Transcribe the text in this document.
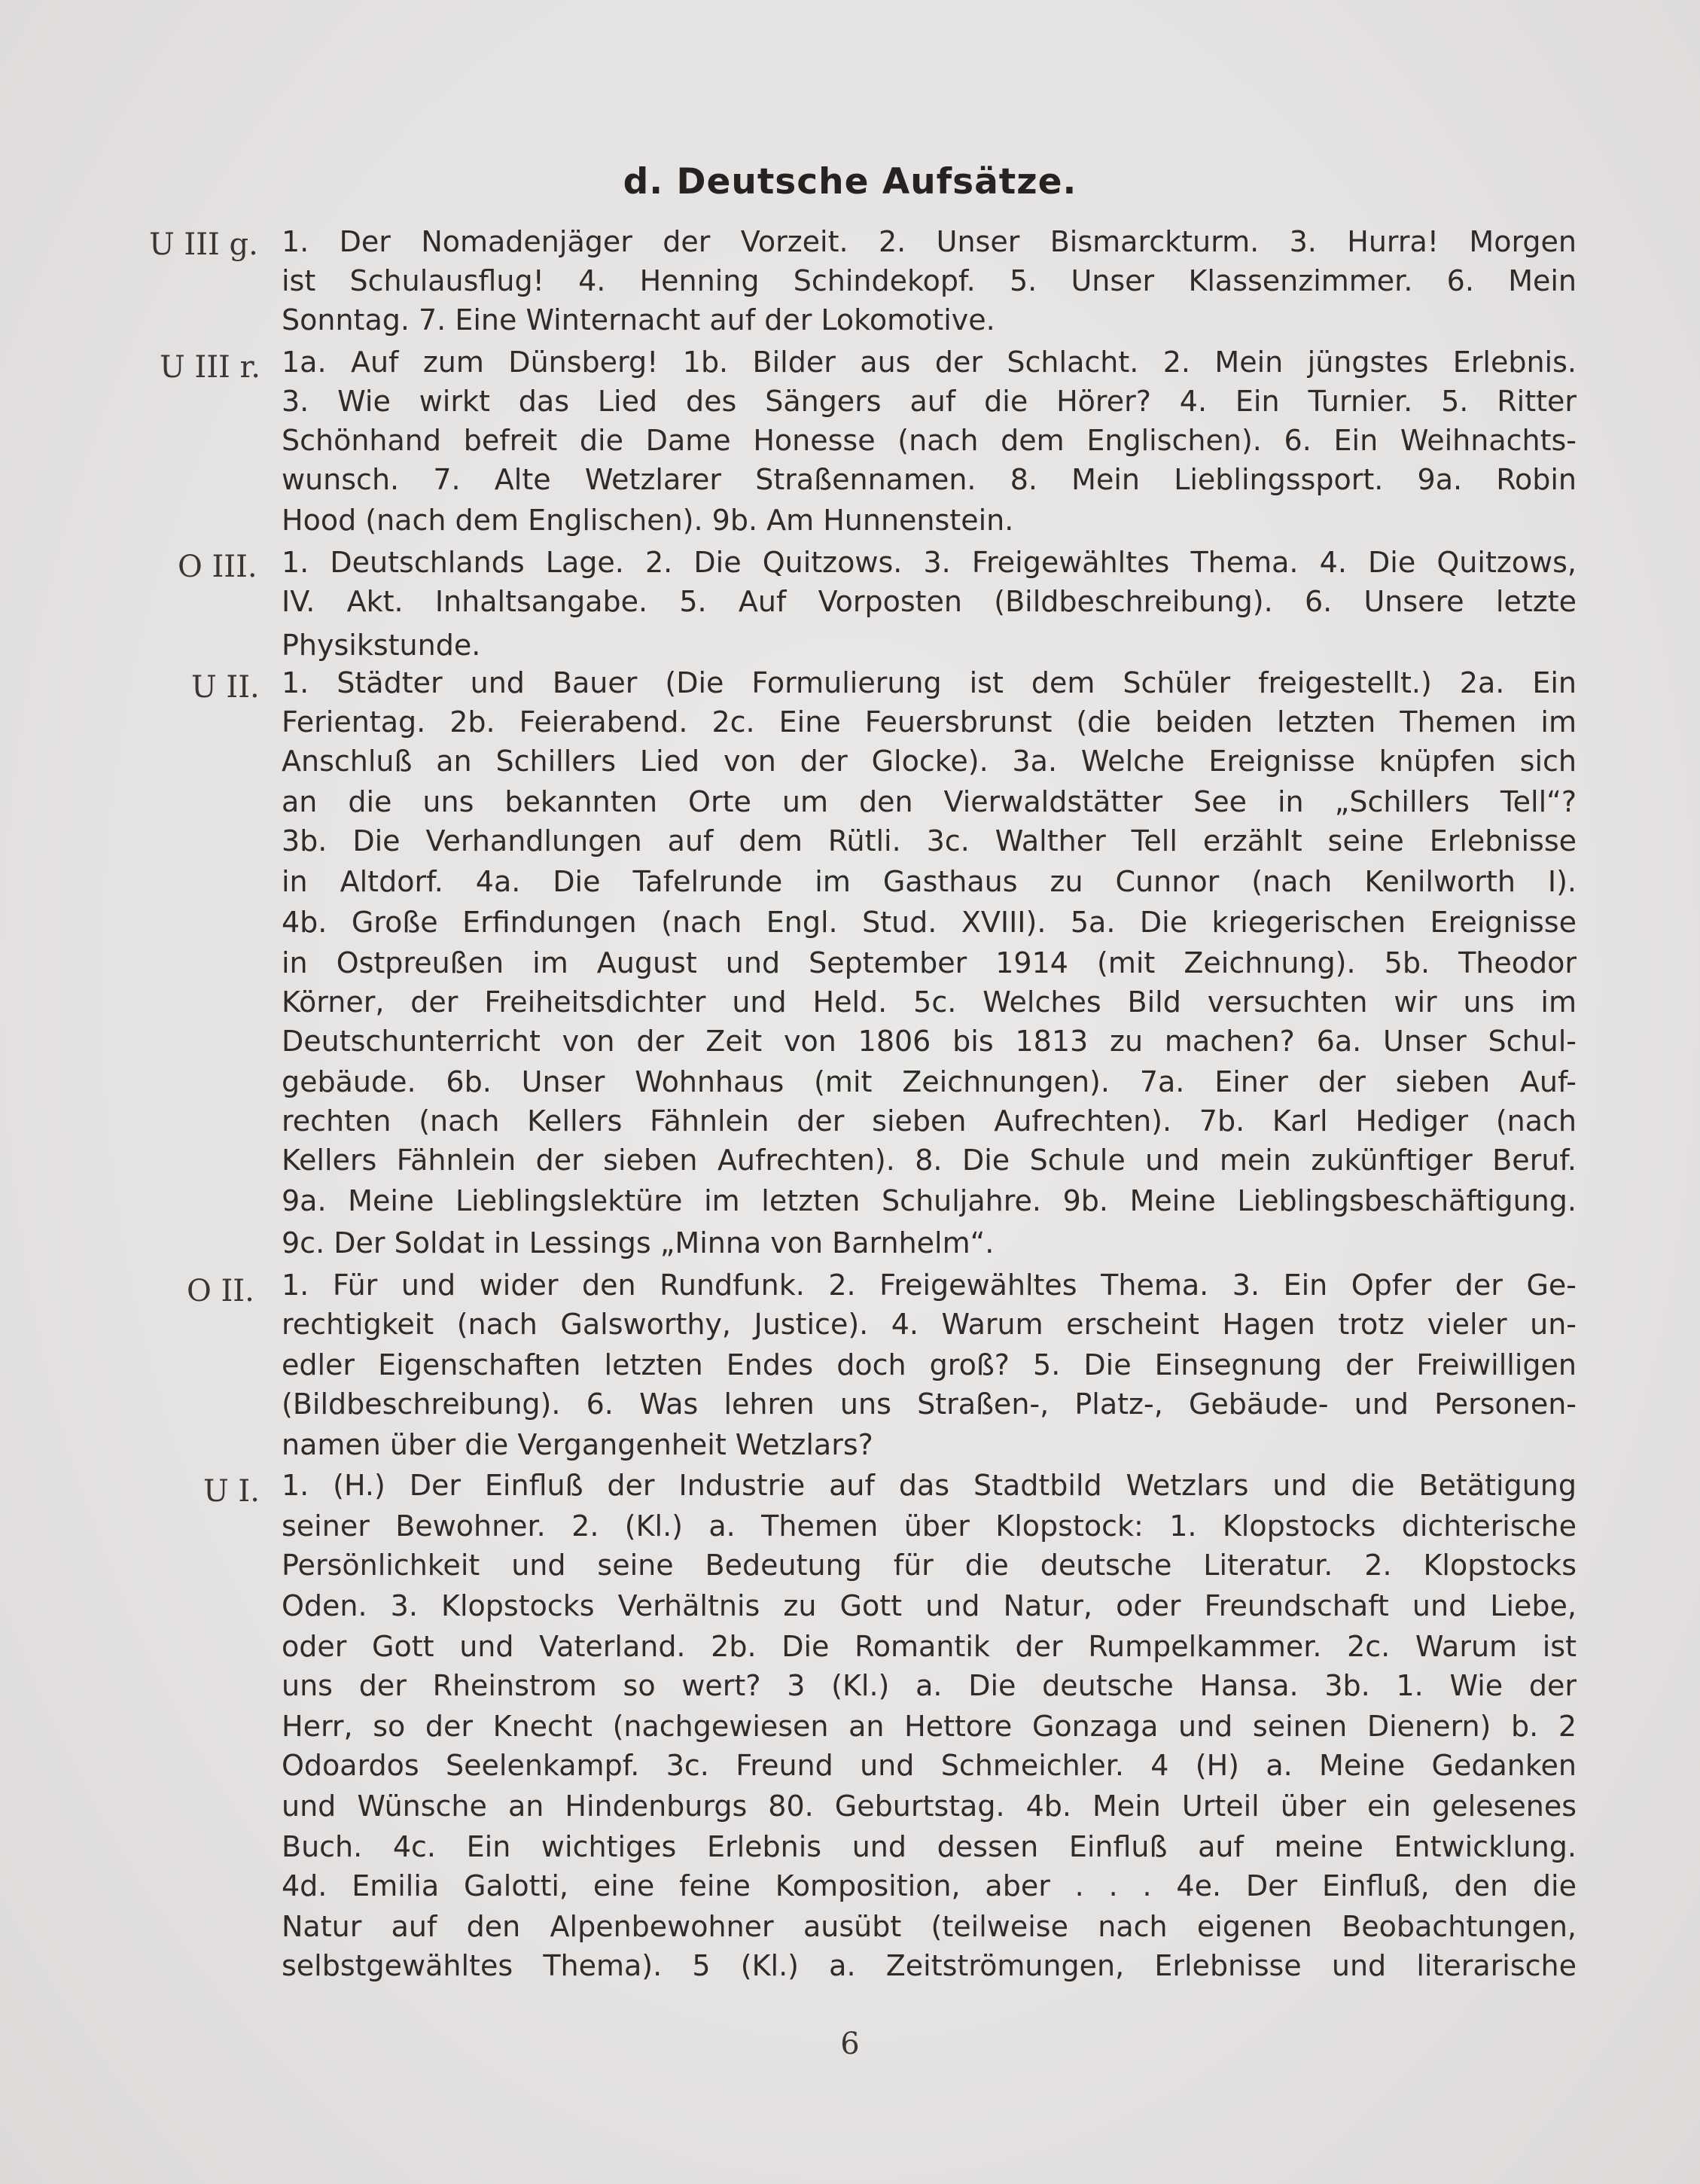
d. Deutsche Aufsätze.
U III g. 1. Der Nomadenjäger der Vorzeit. 2. Unser Bismarckturm. 3. Hurra! Morgen
ist Schulausflug! 4. Henning Schindekopf. 5. Unser Klassenzimmer. 6. Mein
Sonntag. 7. Eine Winternacht auf der Lokomotive.
U III r. 1a. Auf zum Dünsberg! 1b. Bilder aus der Schlacht. 2. Mein jüngstes Erlebnis.
3. Wie wirkt das Lied des Sängers auf die Hörer? 4. Ein Turnier. 5. Ritter
Schönhand befreit die Dame Honesse (nach dem Englischen). 6. Ein Weihnachts-
wunsch. 7. Alte Wetzlarer Straßennamen. 8. Mein Lieblingssport. 9a. Robin
Hood (nach dem Englischen). 9b. Am Hunnenstein.
O III. 1. Deutschlands Lage. 2. Die Quitzows. 3. Freigewähltes Thema. 4. Die Quitzows,
IV. Akt. Inhaltsangabe. 5. Auf Vorposten (Bildbeschreibung). 6. Unsere letzte
Physikstunde.
U II. 1. Städter und Bauer (Die Formulierung ist dem Schüler freigestellt.) 2a. Ein
Ferientag. 2b. Feierabend. 2c. Eine Feuersbrunst (die beiden letzten Themen im
Anschluß an Schillers Lied von der Glocke). 3a. Welche Ereignisse knüpfen sich
an die uns bekannten Orte um den Vierwaldstätter See in „Schillers Tell“?
3b. Die Verhandlungen auf dem Rütli. 3c. Walther Tell erzählt seine Erlebnisse
in Altdorf. 4a. Die Tafelrunde im Gasthaus zu Cunnor (nach Kenilworth I).
4b. Große Erfindungen (nach Engl. Stud. XVIII). 5a. Die kriegerischen Ereignisse
in Ostpreußen im August und September 1914 (mit Zeichnung). 5b. Theodor
Körner, der Freiheitsdichter und Held. 5c. Welches Bild versuchten wir uns im
Deutschunterricht von der Zeit von 1806 bis 1813 zu machen? 6a. Unser Schul-
gebäude. 6b. Unser Wohnhaus (mit Zeichnungen). 7a. Einer der sieben Auf-
rechten (nach Kellers Fähnlein der sieben Aufrechten). 7b. Karl Hediger (nach
Kellers Fähnlein der sieben Aufrechten). 8. Die Schule und mein zukünftiger Beruf.
9a. Meine Lieblingslektüre im letzten Schuljahre. 9b. Meine Lieblingsbeschäftigung.
9c. Der Soldat in Lessings „Minna von Barnhelm“.
O II. 1. Für und wider den Rundfunk. 2. Freigewähltes Thema. 3. Ein Opfer der Ge-
rechtigkeit (nach Galsworthy, Justice). 4. Warum erscheint Hagen trotz vieler un-
edler Eigenschaften letzten Endes doch groß? 5. Die Einsegnung der Freiwilligen
(Bildbeschreibung). 6. Was lehren uns Straßen-, Platz-, Gebäude- und Personen-
namen über die Vergangenheit Wetzlars?
U I. 1. (H.) Der Einfluß der Industrie auf das Stadtbild Wetzlars und die Betätigung
seiner Bewohner. 2. (Kl.) a. Themen über Klopstock: 1. Klopstocks dichterische
Persönlichkeit und seine Bedeutung für die deutsche Literatur. 2. Klopstocks
Oden. 3. Klopstocks Verhältnis zu Gott und Natur, oder Freundschaft und Liebe,
oder Gott und Vaterland. 2b. Die Romantik der Rumpelkammer. 2c. Warum ist
uns der Rheinstrom so wert? 3 (Kl.) a. Die deutsche Hansa. 3b. 1. Wie der
Herr, so der Knecht (nachgewiesen an Hettore Gonzaga und seinen Dienern) b. 2
Odoardos Seelenkampf. 3c. Freund und Schmeichler. 4 (H) a. Meine Gedanken
und Wünsche an Hindenburgs 80. Geburtstag. 4b. Mein Urteil über ein gelesenes
Buch. 4c. Ein wichtiges Erlebnis und dessen Einfluß auf meine Entwicklung.
4d. Emilia Galotti, eine feine Komposition, aber . . . 4e. Der Einfluß, den die
Natur auf den Alpenbewohner ausübt (teilweise nach eigenen Beobachtungen,
selbstgewähltes Thema). 5 (Kl.) a. Zeitströmungen, Erlebnisse und literarische
6
